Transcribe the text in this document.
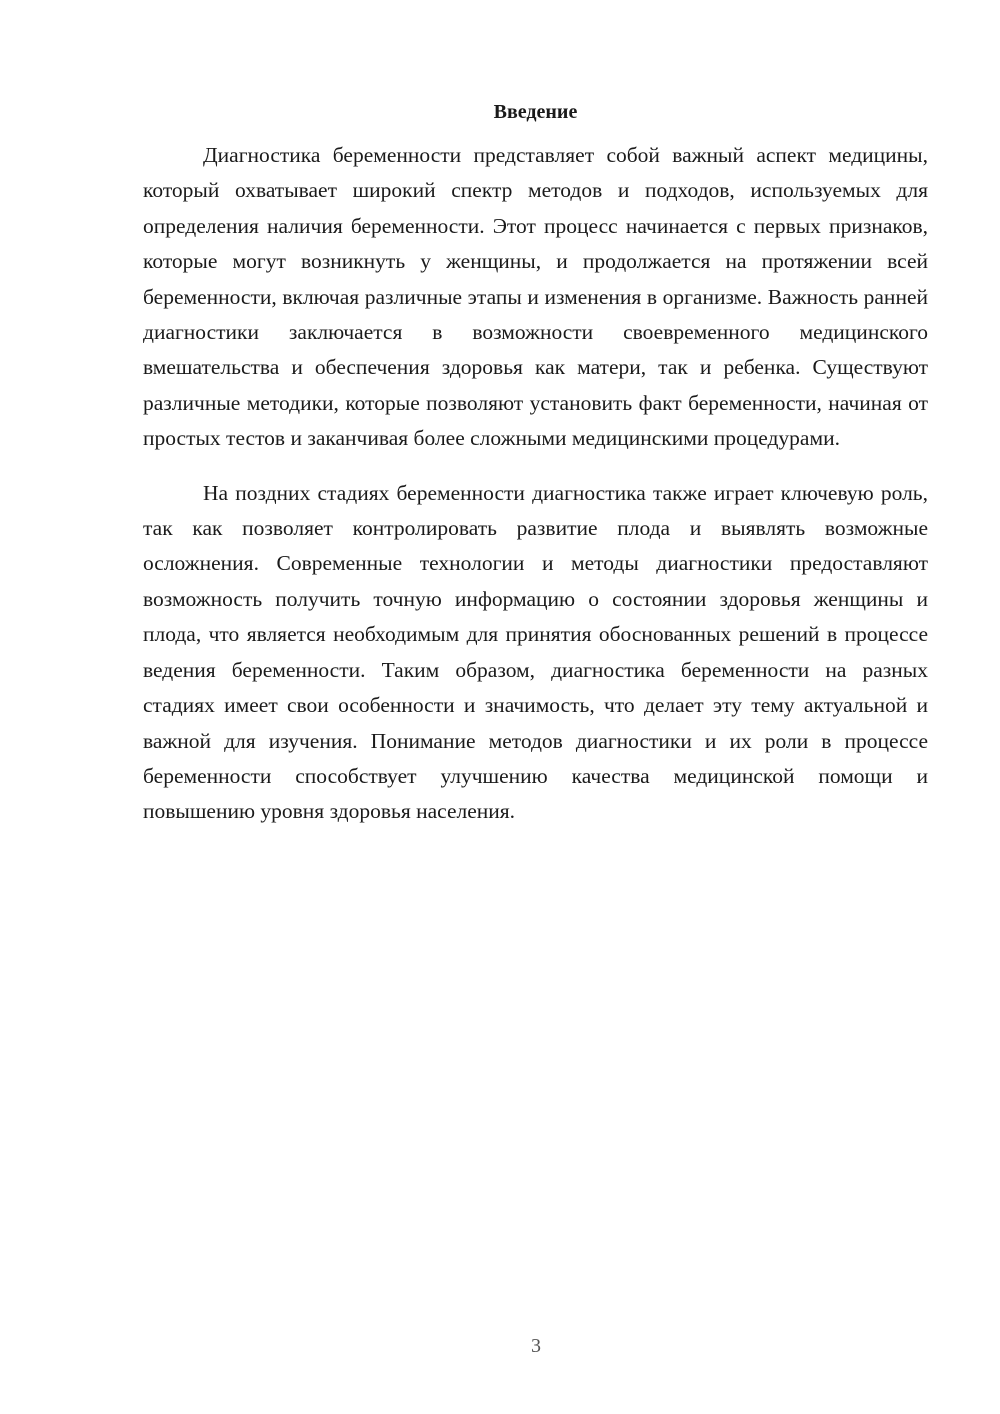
Введение

Диагностика беременности представляет собой важный аспект медицины, который охватывает широкий спектр методов и подходов, используемых для определения наличия беременности. Этот процесс начинается с первых признаков, которые могут возникнуть у женщины, и продолжается на протяжении всей беременности, включая различные этапы и изменения в организме. Важность ранней диагностики заключается в возможности своевременного медицинского вмешательства и обеспечения здоровья как матери, так и ребенка. Существуют различные методики, которые позволяют установить факт беременности, начиная от простых тестов и заканчивая более сложными медицинскими процедурами.

На поздних стадиях беременности диагностика также играет ключевую роль, так как позволяет контролировать развитие плода и выявлять возможные осложнения. Современные технологии и методы диагностики предоставляют возможность получить точную информацию о состоянии здоровья женщины и плода, что является необходимым для принятия обоснованных решений в процессе ведения беременности. Таким образом, диагностика беременности на разных стадиях имеет свои особенности и значимость, что делает эту тему актуальной и важной для изучения. Понимание методов диагностики и их роли в процессе беременности способствует улучшению качества медицинской помощи и повышению уровня здоровья населения.

3
